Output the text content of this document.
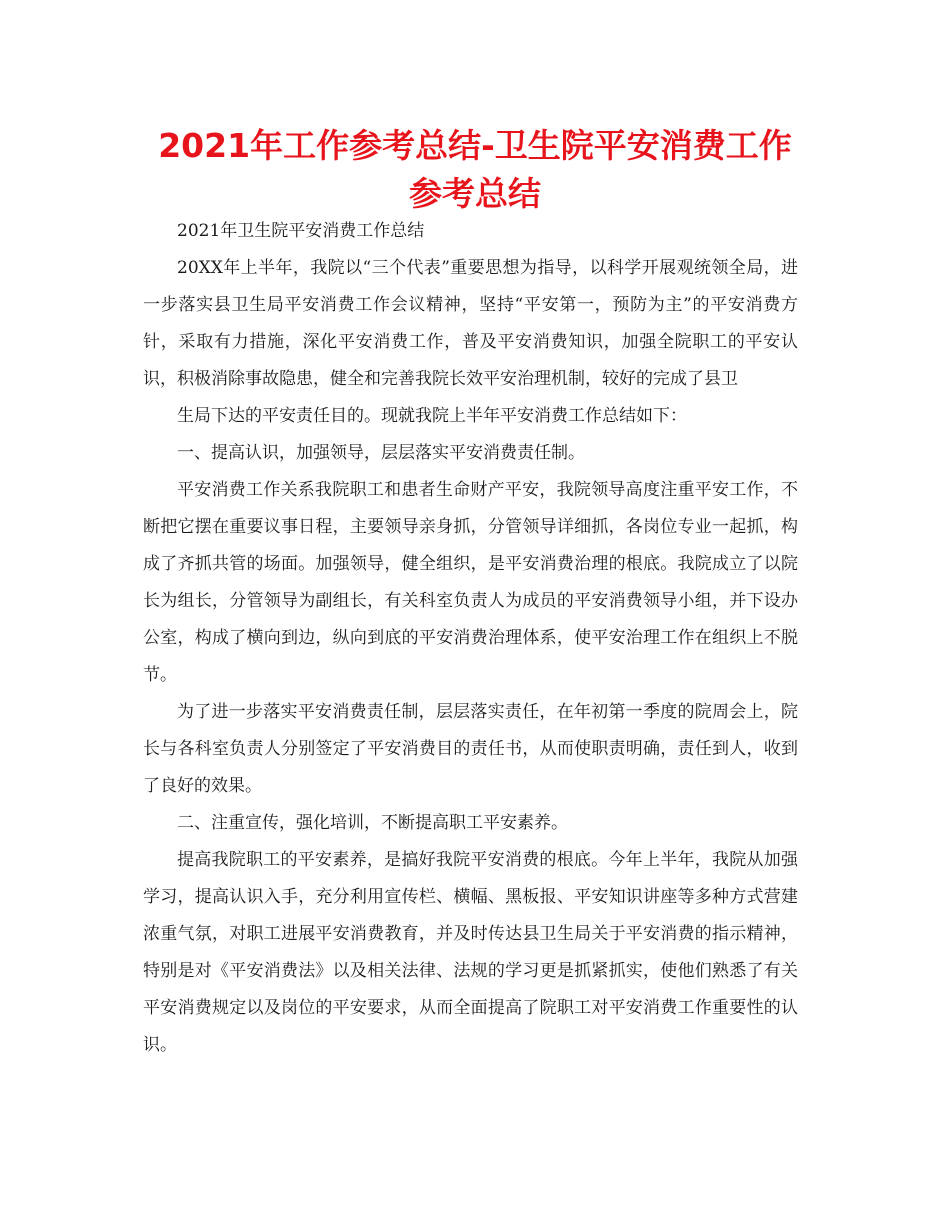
2021年工作参考总结-卫生院平安消费工作参考总结

2021年卫生院平安消费工作总结

20XX年上半年，我院以“三个代表”重要思想为指导，以科学开展观统领全局，进一步落实县卫生局平安消费工作会议精神，坚持“平安第一，预防为主”的平安消费方针，采取有力措施，深化平安消费工作，普及平安消费知识，加强全院职工的平安认识，积极消除事故隐患，健全和完善我院长效平安治理机制，较好的完成了县卫

生局下达的平安责任目的。现就我院上半年平安消费工作总结如下：

一、提高认识，加强领导，层层落实平安消费责任制。

平安消费工作关系我院职工和患者生命财产平安，我院领导高度注重平安工作，不断把它摆在重要议事日程，主要领导亲身抓，分管领导详细抓，各岗位专业一起抓，构成了齐抓共管的场面。加强领导，健全组织，是平安消费治理的根底。我院成立了以院长为组长，分管领导为副组长，有关科室负责人为成员的平安消费领导小组，并下设办公室，构成了横向到边，纵向到底的平安消费治理体系，使平安治理工作在组织上不脱节。

为了进一步落实平安消费责任制，层层落实责任，在年初第一季度的院周会上，院长与各科室负责人分别签定了平安消费目的责任书，从而使职责明确，责任到人，收到了良好的效果。

二、注重宣传，强化培训，不断提高职工平安素养。

提高我院职工的平安素养，是搞好我院平安消费的根底。今年上半年，我院从加强学习，提高认识入手，充分利用宣传栏、横幅、黑板报、平安知识讲座等多种方式营建浓重气氛，对职工进展平安消费教育，并及时传达县卫生局关于平安消费的指示精神，特别是对《平安消费法》以及相关法律、法规的学习更是抓紧抓实，使他们熟悉了有关平安消费规定以及岗位的平安要求，从而全面提高了院职工对平安消费工作重要性的认识。
